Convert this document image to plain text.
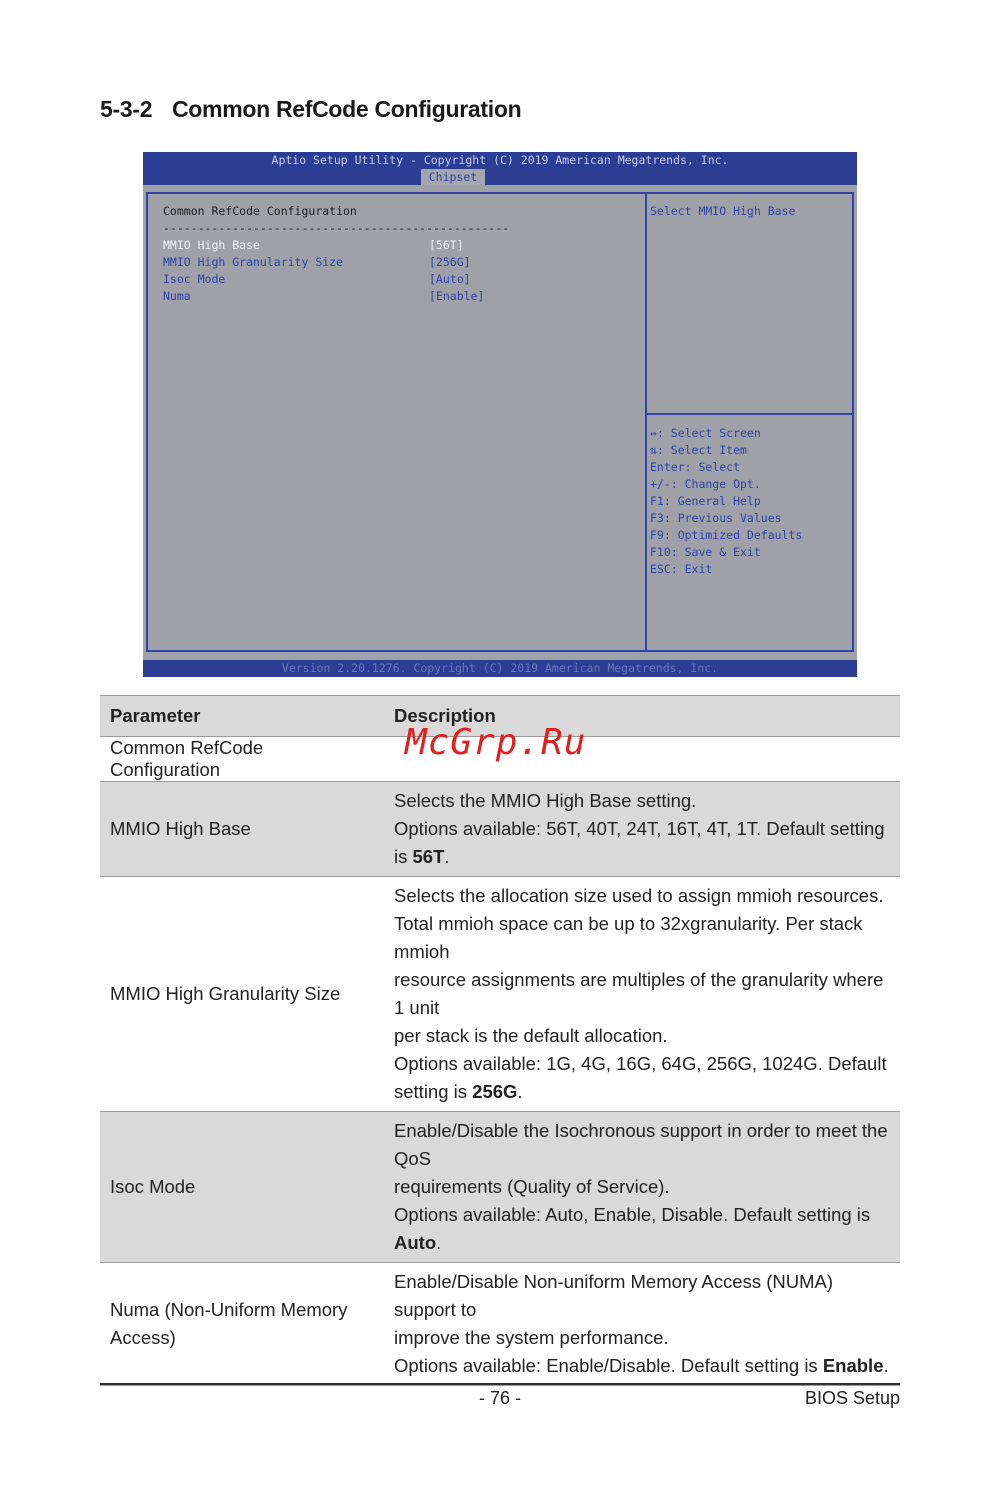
5-3-2 Common RefCode Configuration
Aptio Setup Utility - Copyright (C) 2019 American Megatrends, Inc.
Chipset
Common RefCode Configuration
--------------------------------------------------
MMIO High Base	[56T]
MMIO High Granularity Size	[256G]
Isoc Mode	[Auto]
Numa	[Enable]
Select MMIO High Base
↔: Select Screen
⇅: Select Item
Enter: Select
+/-: Change Opt.
F1: General Help
F3: Previous Values
F9: Optimized Defaults
F10: Save & Exit
ESC: Exit
Version 2.20.1276. Copyright (C) 2019 American Megatrends, Inc.
Parameter	Description
Common RefCode Configuration	
MMIO High Base	Selects the MMIO High Base setting.
Options available: 56T, 40T, 24T, 16T, 4T, 1T. Default setting is 56T.

MMIO High Granularity Size	Selects the allocation size used to assign mmioh resources.
Total mmioh space can be up to 32xgranularity. Per stack mmioh
resource assignments are multiples of the granularity where 1 unit
per stack is the default allocation.
Options available: 1G, 4G, 16G, 64G, 256G, 1024G. Default setting is 256G.

Isoc Mode	Enable/Disable the Isochronous support in order to meet the QoS
requirements (Quality of Service).
Options available: Auto, Enable, Disable. Default setting is Auto.

Numa (Non-Uniform Memory Access)	Enable/Disable Non-uniform Memory Access (NUMA) support to
improve the system performance.
Options available: Enable/Disable. Default setting is Enable.
McGrp.Ru
- 76 -	BIOS Setup
